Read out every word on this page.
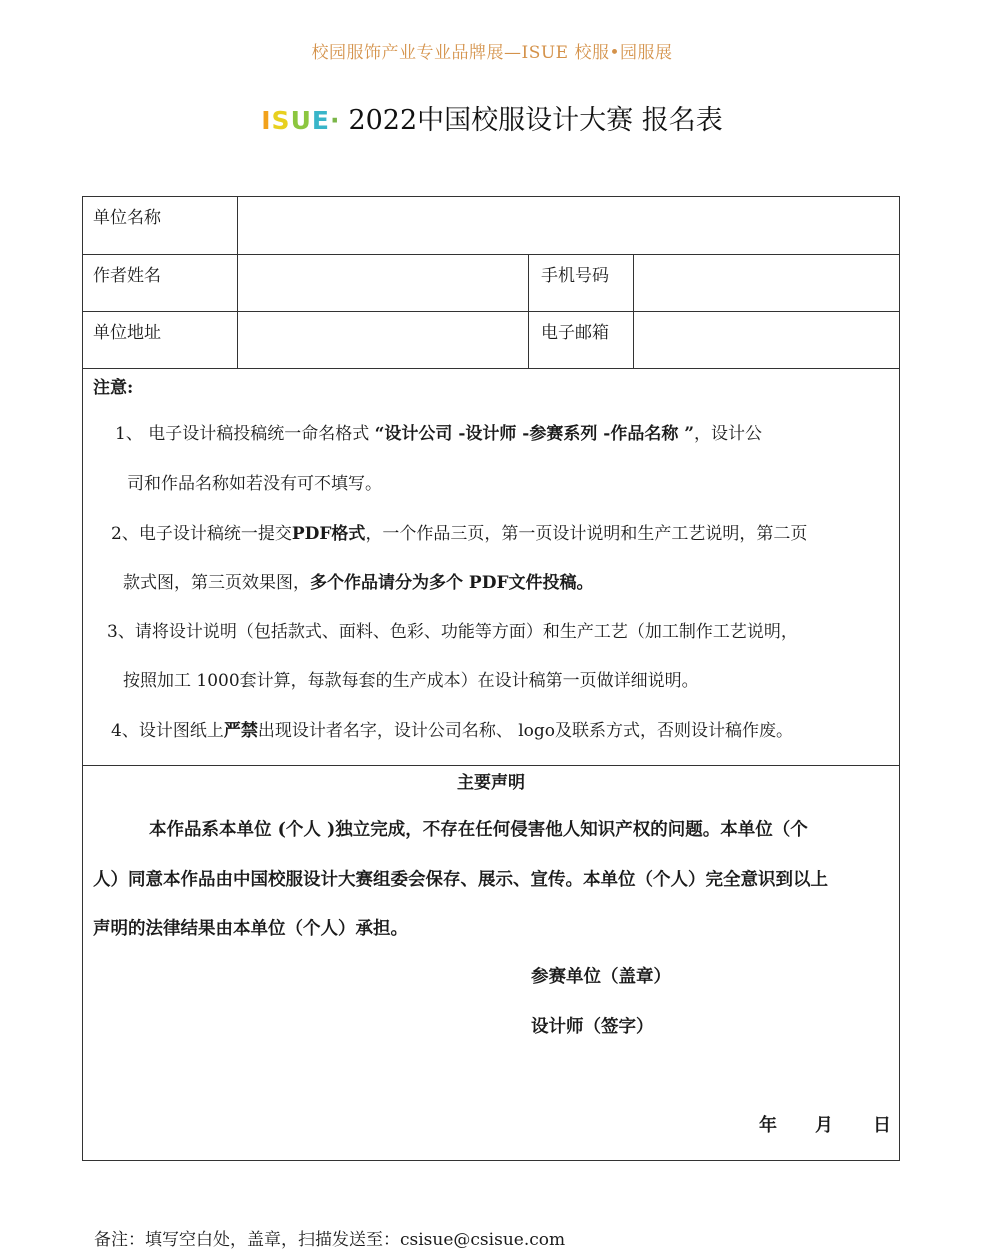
校园服饰产业专业品牌展—ISUE 校服•园服展
ISUE· 2022中国校服设计大赛 报名表
单位名称
作者姓名	手机号码
单位地址	电子邮箱
注意:
1、 电子设计稿投稿统一命名格式 “设计公司 -设计师 -参赛系列 -作品名称 ”，设计公
司和作品名称如若没有可不填写。
2、电子设计稿统一提交PDF格式，一个作品三页，第一页设计说明和生产工艺说明，第二页
款式图，第三页效果图，多个作品请分为多个 PDF文件投稿。
3、请将设计说明（包括款式、面料、色彩、功能等方面）和生产工艺（加工制作工艺说明，
按照加工 1000套计算，每款每套的生产成本）在设计稿第一页做详细说明。
4、设计图纸上严禁出现设计者名字，设计公司名称、 logo及联系方式，否则设计稿作废。
主要声明
本作品系本单位 (个人 )独立完成，不存在任何侵害他人知识产权的问题。本单位（个
人）同意本作品由中国校服设计大赛组委会保存、展示、宣传。本单位（个人）完全意识到以上
声明的法律结果由本单位（个人）承担。
参赛单位（盖章）
设计师（签字）
年 月 日
备注：填写空白处，盖章，扫描发送至：csisue@csisue.com
